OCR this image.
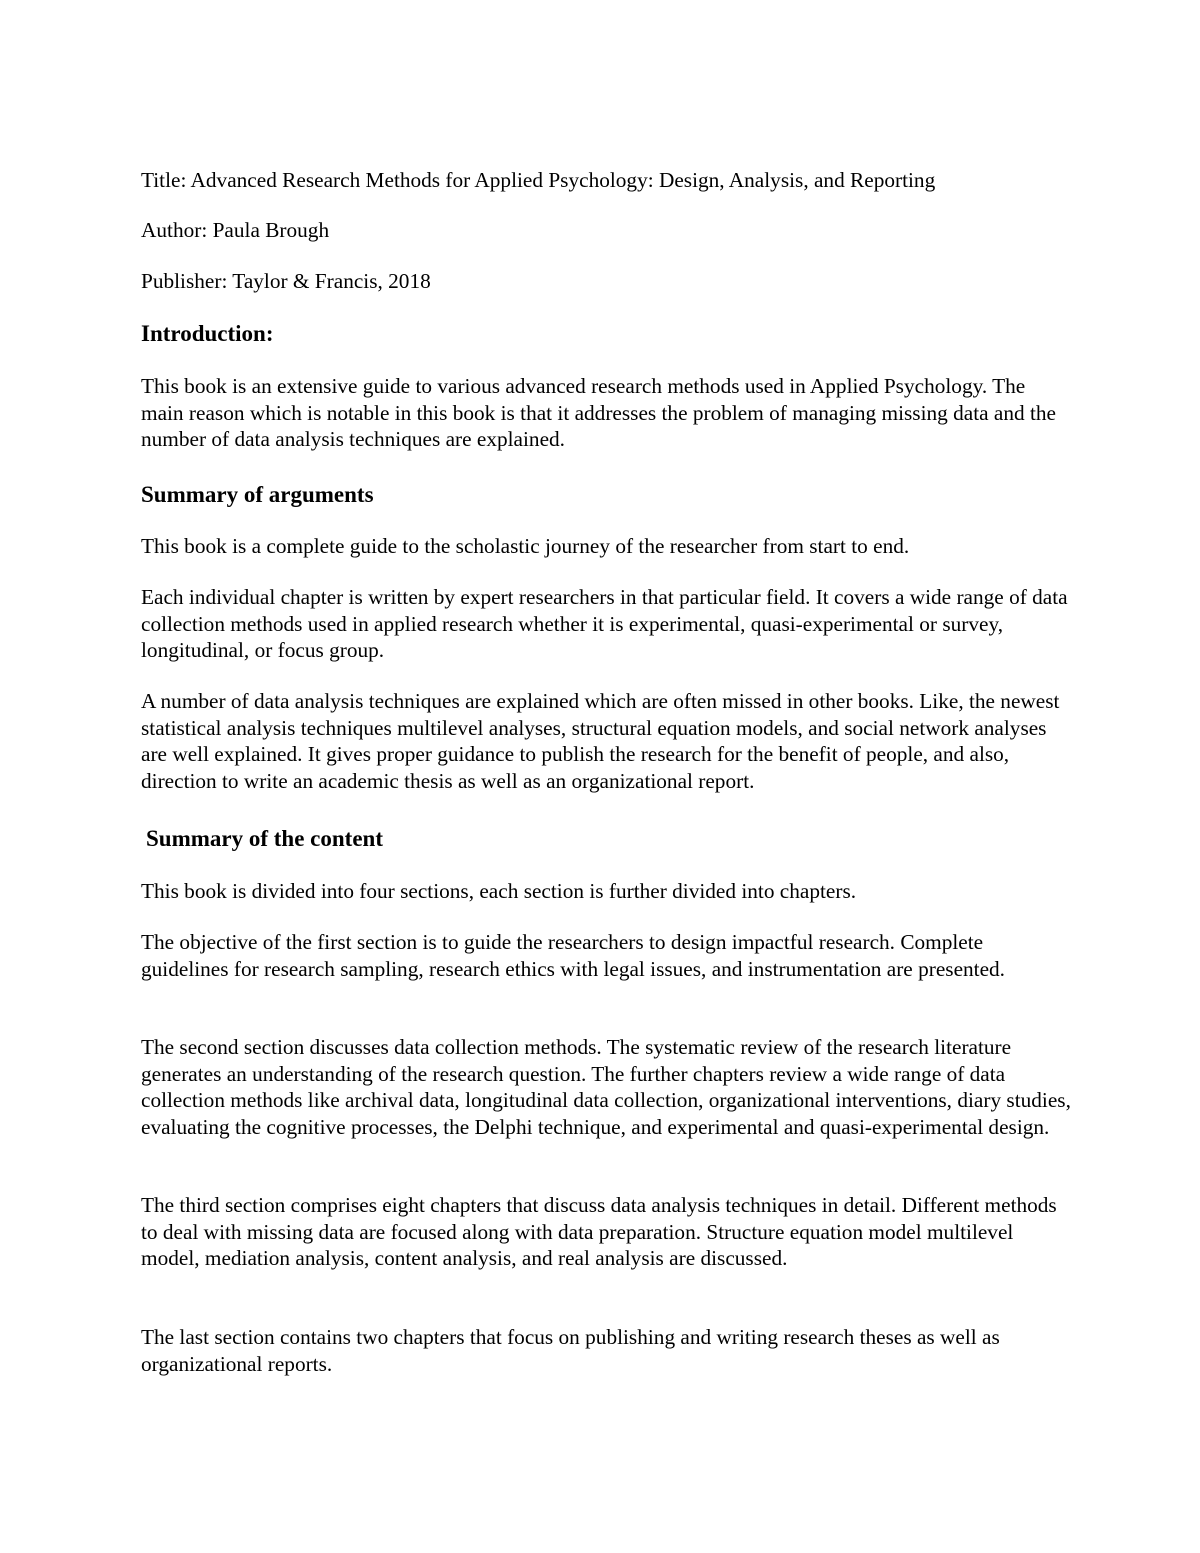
Title: Advanced Research Methods for Applied Psychology: Design, Analysis, and Reporting

Author: Paula Brough

Publisher: Taylor & Francis, 2018

Introduction:

This book is an extensive guide to various advanced research methods used in Applied Psychology. The main reason which is notable in this book is that it addresses the problem of managing missing data and the number of data analysis techniques are explained.

Summary of arguments

This book is a complete guide to the scholastic journey of the researcher from start to end.

Each individual chapter is written by expert researchers in that particular field. It covers a wide range of data collection methods used in applied research whether it is experimental, quasi-experimental or survey, longitudinal, or focus group.

A number of data analysis techniques are explained which are often missed in other books. Like, the newest statistical analysis techniques multilevel analyses, structural equation models, and social network analyses are well explained. It gives proper guidance to publish the research for the benefit of people, and also, direction to write an academic thesis as well as an organizational report.

Summary of the content

This book is divided into four sections, each section is further divided into chapters.

The objective of the first section is to guide the researchers to design impactful research. Complete guidelines for research sampling, research ethics with legal issues, and instrumentation are presented.

The second section discusses data collection methods. The systematic review of the research literature generates an understanding of the research question. The further chapters review a wide range of data collection methods like archival data, longitudinal data collection, organizational interventions, diary studies, evaluating the cognitive processes, the Delphi technique, and experimental and quasi-experimental design.

The third section comprises eight chapters that discuss data analysis techniques in detail. Different methods to deal with missing data are focused along with data preparation. Structure equation model multilevel model, mediation analysis, content analysis, and real analysis are discussed.

The last section contains two chapters that focus on publishing and writing research theses as well as organizational reports.
